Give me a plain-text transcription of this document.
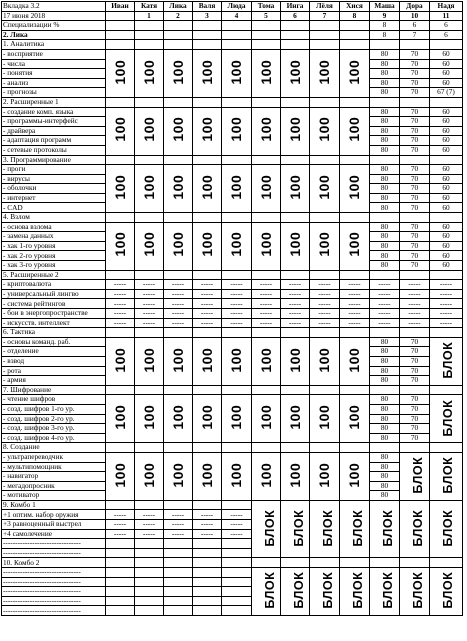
Вкладка 3.2	Иван	Катя	Лика	Валя	Люда	Тома	Инга	Лёля	Хися	Маша	Дора	Надя
17 июня 2018		1	2	3	4	5	6	7	8	9	10	11
Специализации %										8	6	6
2. Лика										8	7	6
1. Аналитика												
- восприятие	100	100	100	100	100	100	100	100	100	80	70	60
- числа										80	70	60
- понятия										80	70	60
- анализ										80	70	60
- прогнозы										80	70	67 (7)
2. Расширенные 1												
- создание комп. языка	100	100	100	100	100	100	100	100	100	80	70	60
- программы-интерфейс										80	70	60
- драйвера										80	70	60
- адаптация программ										80	70	60
- сетевые протоколы										80	70	60
3. Программирование												
- проги	100	100	100	100	100	100	100	100	100	80	70	60
- вирусы										80	70	60
- оболочки										80	70	60
- интернет										80	70	60
- CAD										80	70	60
4. Взлом												
- основа взлома	100	100	100	100	100	100	100	100	100	80	70	60
- замена данных										80	70	60
- хак 1-го уровня										80	70	60
- хак 2-го уровня										80	70	60
- хак 3-го уровня										80	70	60
5. Расширенные 2												
- криптовалюта	-----	-----	-----	-----	-----	-----	-----	-----	-----	-----	-----	-----
- универсальный лингво	-----	-----	-----	-----	-----	-----	-----	-----	-----	-----	-----	-----
- система рейтингов	-----	-----	-----	-----	-----	-----	-----	-----	-----	-----	-----	-----
- бои в энергопространстве	-----	-----	-----	-----	-----	-----	-----	-----	-----	-----	-----	-----
- искусств. интеллект	-----	-----	-----	-----	-----	-----	-----	-----	-----	-----	-----	-----
6. Тактика												
- основы команд. раб.	100	100	100	100	100	100	100	100	100	80	70	БЛОК
- отделение										80	70	
- взвод										80	70	
- рота										80	70	
- армия										80	70	
7. Шифрование												
- чтение шифров	100	100	100	100	100	100	100	100	100	80	70	БЛОК
- созд. шифров 1-го ур.										80	70	
- созд. шифров 2-го ур.										80	70	
- созд. шифров 3-го ур.										80	70	
- созд. шифров 4-го ур.										80	70	
8. Создание												
- ультрапереводчик	100	100	100	100	100	100	100	100	100	80	БЛОК	БЛОК
- мультипомощник										80		
- навигатор										80		
- мегадопросник										80		
- мотиватор										80		
9. Комбо 1						БЛОК	БЛОК	БЛОК	БЛОК	БЛОК	БЛОК	БЛОК
+1 оптим. набор оружия	-----	-----	-----	-----	-----							
+3 равноценный выстрел	-----	-----	-----	-----	-----							
+4 самолечение	-----	-----	-----	-----	-----							
--------------------------------												
--------------------------------												
10. Комбо 2												
--------------------------------						БЛОК	БЛОК	БЛОК	БЛОК	БЛОК	БЛОК	БЛОК
--------------------------------												
--------------------------------												
--------------------------------												
--------------------------------												
